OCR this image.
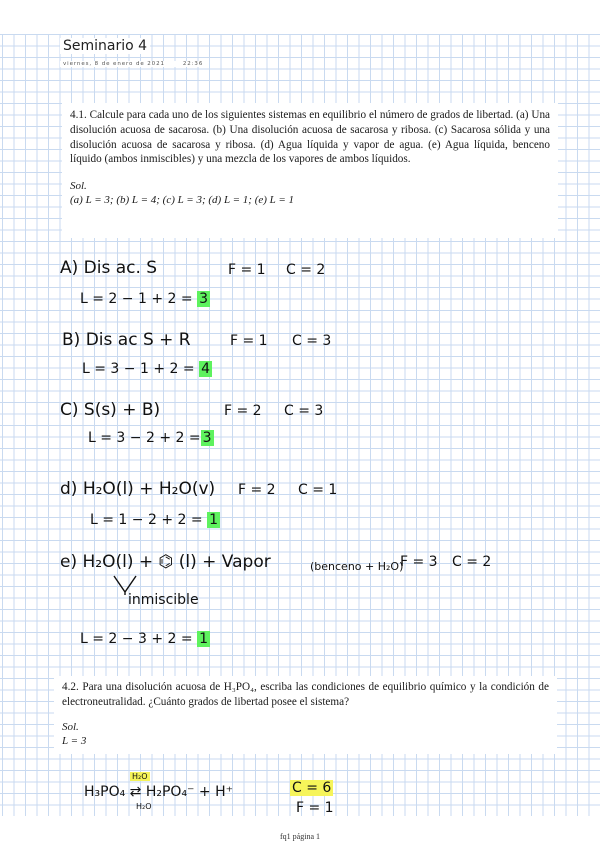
Seminario 4
viernes, 8 de enero de 2021	22:36
4.1. Calcule para cada uno de los siguientes sistemas en equilibrio el número de grados de libertad. (a) Una disolución acuosa de sacarosa. (b) Una disolución acuosa de sacarosa y ribosa. (c) Sacarosa sólida y una disolución acuosa de sacarosa y ribosa. (d) Agua líquida y vapor de agua. (e) Agua líquida, benceno líquido (ambos inmiscibles) y una mezcla de los vapores de ambos líquidos.
Sol.
(a) L = 3; (b) L = 4; (c) L = 3; (d) L = 1; (e) L = 1
A) Dis ac. S	F = 1 C = 2
L = 2 − 1 + 2 = 3
B) Dis ac S + R	F = 1 C = 3
L = 3 − 1 + 2 = 4
C) S(s) + B)	F = 2 C = 3
L = 3 − 2 + 2 = 3
d) H₂O(l) + H₂O(v) F = 2 C = 1
L = 1 − 2 + 2 = 1
e) H₂O(l) + ⌬ (l) + Vapor	(benceno + H₂O)
F = 3 C = 2
inmiscible
L = 2 − 3 + 2 = 1
4.2. Para una disolución acuosa de H₃PO₄, escriba las condiciones de equilibrio químico y la condición de electroneutralidad. ¿Cuánto grados de libertad posee el sistema?
Sol.
L = 3
H₂O
H₃PO₄ ⇄ H₂PO₄⁻ + H⁺
H₂O
C = 6
F = 1
fq1 página 1
